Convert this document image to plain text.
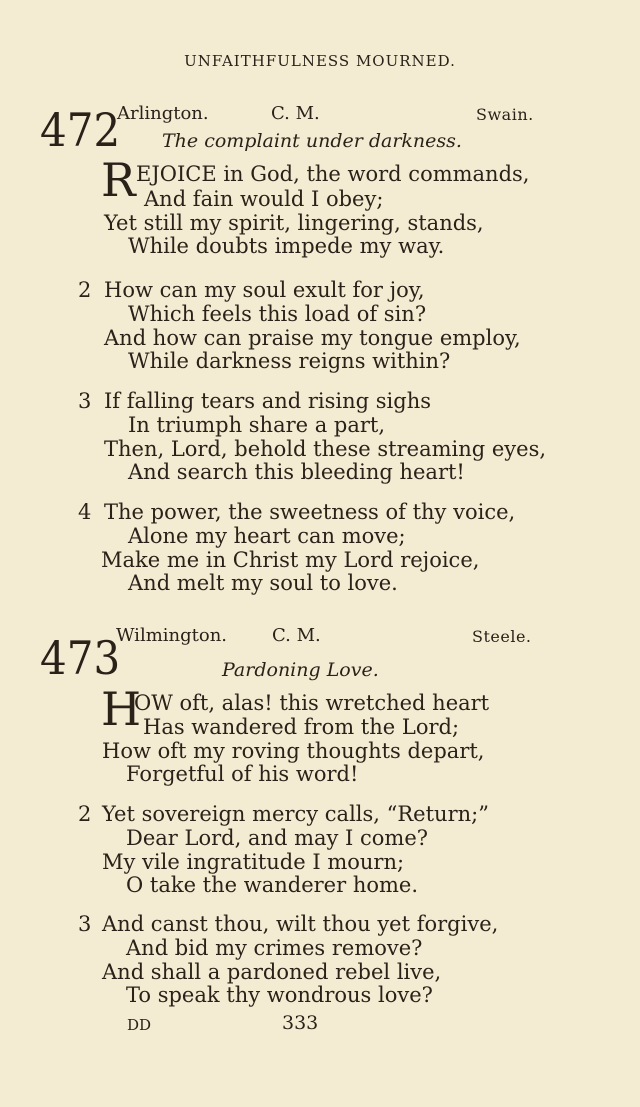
UNFAITHFULNESS MOURNED.
472
Arlington.	C. M.	Swain.
The complaint under darkness.
R EJOICE in God, the word commands,
And fain would I obey;
Yet still my spirit, lingering, stands,
While doubts impede my way.
2 How can my soul exult for joy,
Which feels this load of sin?
And how can praise my tongue employ,
While darkness reigns within?
3 If falling tears and rising sighs
In triumph share a part,
Then, Lord, behold these streaming eyes,
And search this bleeding heart!
4 The power, the sweetness of thy voice,
Alone my heart can move;
Make me in Christ my Lord rejoice,
And melt my soul to love.
473
Wilmington. C. M.	Steele.
Pardoning Love.
H
OW oft, alas! this wretched heart
Has wandered from the Lord;
How oft my roving thoughts depart,
Forgetful of his word!
2 Yet sovereign mercy calls, “Return;”
Dear Lord, and may I come?
My vile ingratitude I mourn;
O take the wanderer home.
3 And canst thou, wilt thou yet forgive,
And bid my crimes remove?
And shall a pardoned rebel live,
To speak thy wondrous love?
DD	333
